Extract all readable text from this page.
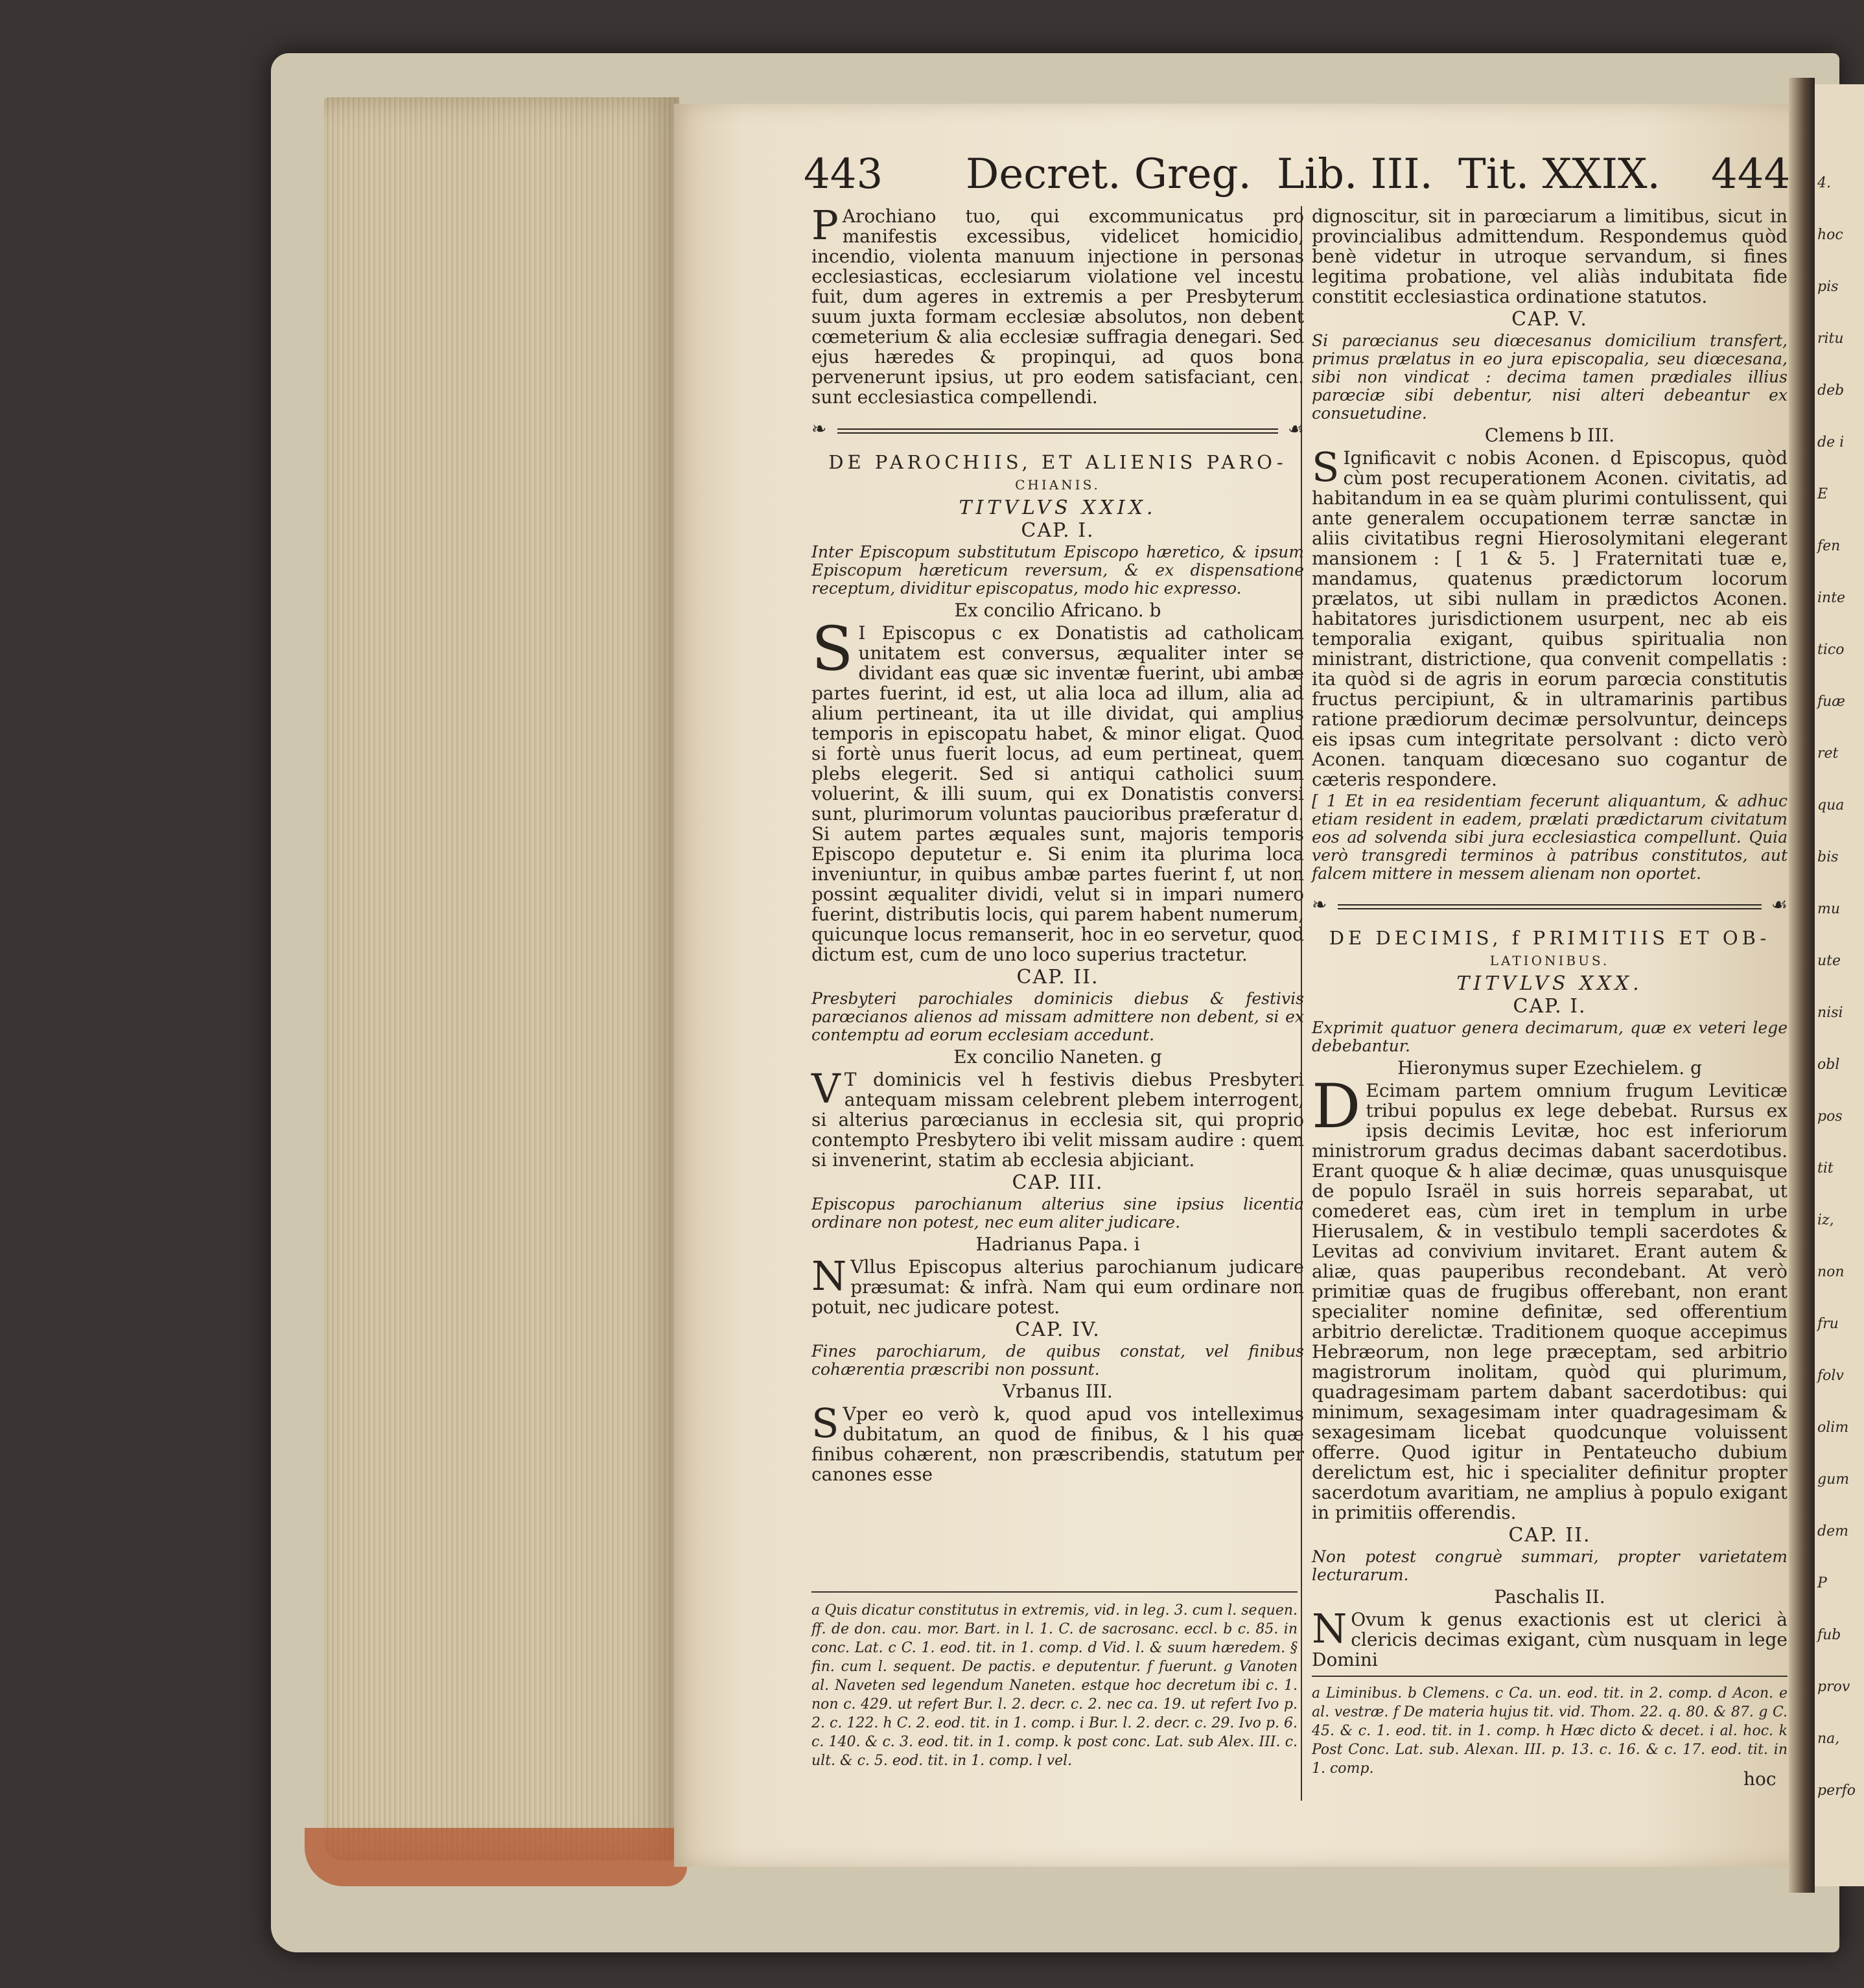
4.
hoc
pis
ritu
deb
de i
E
fen
inte
tico
fuæ
ret
qua
bis
mu
ute
nisi
obl
pos
tit
iz,
non
fru
folv
olim
gum
dem
P
fub
prov
na,
perfo
443 Decret. Greg. Lib. III. Tit. XXIX. 444

P Arochiano tuo, qui excommunicatus pro manifestis excessibus, videlicet homicidio, incendio, violenta manuum injectione in personas ecclesiasticas, ecclesiarum violatione vel incestu fuit, dum ageres in extremis a per Presbyterum suum juxta formam ecclesiæ absolutos, non debent cœmeterium & alia ecclesiæ suffragia denegari. Sed ejus hæredes & propinqui, ad quos bona pervenerunt ipsius, ut pro eodem satisfaciant, cen. sunt ecclesiastica compellendi.

❧	☙

DE PAROCHIIS, ET ALIENIS PARO-

CHIANIS.

TITVLVS XXIX.

CAP. I.

Inter Episcopum substitutum Episcopo hæretico, & ipsum Episcopum hæreticum reversum, & ex dispensatione receptum, dividitur episcopatus, modo hic expresso.

Ex concilio Africano. b

S I Episcopus c ex Donatistis ad catholicam unitatem est conversus, æqualiter inter se dividant eas quæ sic inventæ fuerint, ubi ambæ partes fuerint, id est, ut alia loca ad illum, alia ad alium pertineant, ita ut ille dividat, qui amplius temporis in episcopatu habet, & minor eligat. Quod si fortè unus fuerit locus, ad eum pertineat, quem plebs elegerit. Sed si antiqui catholici suum voluerint, & illi suum, qui ex Donatistis conversi sunt, plurimorum voluntas paucioribus præferatur d. Si autem partes æquales sunt, majoris temporis Episcopo deputetur e. Si enim ita plurima loca inveniuntur, in quibus ambæ partes fuerint f, ut non possint æqualiter dividi, velut si in impari numero fuerint, distributis locis, qui parem habent numerum, quicunque locus remanserit, hoc in eo servetur, quod dictum est, cum de uno loco superius tractetur.

CAP. II.

Presbyteri parochiales dominicis diebus & festivis parœcianos alienos ad missam admittere non debent, si ex contemptu ad eorum ecclesiam accedunt.

Ex concilio Naneten. g

V T dominicis vel h festivis diebus Presbyteri antequam missam celebrent plebem interrogent, si alterius parœcianus in ecclesia sit, qui proprio contempto Presbytero ibi velit missam audire : quem si invenerint, statim ab ecclesia abjiciant.

CAP. III.

Episcopus parochianum alterius sine ipsius licentia ordinare non potest, nec eum aliter judicare.

Hadrianus Papa. i

N Vllus Episcopus alterius parochianum judicare præsumat: & infrà. Nam qui eum ordinare non potuit, nec judicare potest.

CAP. IV.

Fines parochiarum, de quibus constat, vel finibus cohærentia præscribi non possunt.

Vrbanus III.

S Vper eo verò k, quod apud vos intelleximus dubitatum, an quod de finibus, & l his quæ finibus cohærent, non præscribendis, statutum per canones esse

a Quis dicatur constitutus in extremis, vid. in leg. 3. cum l. sequen. ff. de don. cau. mor. Bart. in l. 1. C. de sacrosanc. eccl. b c. 85. in conc. Lat. c C. 1. eod. tit. in 1. comp. d Vid. l. & suum hæredem. § fin. cum l. sequent. De pactis. e deputentur. f fuerunt. g Vanoten al. Naveten sed legendum Naneten. estque hoc decretum ibi c. 1. non c. 429. ut refert Bur. l. 2. decr. c. 2. nec ca. 19. ut refert Ivo p. 2. c. 122. h C. 2. eod. tit. in 1. comp. i Bur. l. 2. decr. c. 29. Ivo p. 6. c. 140. & c. 3. eod. tit. in 1. comp. k post conc. Lat. sub Alex. III. c. ult. & c. 5. eod. tit. in 1. comp. l vel.

dignoscitur, sit in parœciarum a limitibus, sicut in provincialibus admittendum. Respondemus quòd benè videtur in utroque servandum, si fines legitima probatione, vel aliàs indubitata fide constitit ecclesiastica ordinatione statutos.

CAP. V.

Si parœcianus seu diœcesanus domicilium transfert, primus prælatus in eo jura episcopalia, seu diœcesana, sibi non vindicat : decima tamen prædiales illius parœciæ sibi debentur, nisi alteri debeantur ex consuetudine.

Clemens b III.

S Ignificavit c nobis Aconen. d Episcopus, quòd cùm post recuperationem Aconen. civitatis, ad habitandum in ea se quàm plurimi contulissent, qui ante generalem occupationem terræ sanctæ in aliis civitatibus regni Hierosolymitani elegerant mansionem : [ 1 & 5. ] Fraternitati tuæ e, mandamus, quatenus prædictorum locorum prælatos, ut sibi nullam in prædictos Aconen. habitatores jurisdictionem usurpent, nec ab eis temporalia exigant, quibus spiritualia non ministrant, districtione, qua convenit compellatis : ita quòd si de agris in eorum parœcia constitutis fructus percipiunt, & in ultramarinis partibus ratione prædiorum decimæ persolvuntur, deinceps eis ipsas cum integritate persolvant : dicto verò Aconen. tanquam diœcesano suo cogantur de cæteris respondere.

[ 1 Et in ea residentiam fecerunt aliquantum, & adhuc etiam resident in eadem, prælati prædictarum civitatum eos ad solvenda sibi jura ecclesiastica compellunt. Quia verò transgredi terminos à patribus constitutos, aut falcem mittere in messem alienam non oportet.

❧	☙

DE DECIMIS, f PRIMITIIS ET OB-

LATIONIBUS.

TITVLVS XXX.

CAP. I.

Exprimit quatuor genera decimarum, quæ ex veteri lege debebantur.

Hieronymus super Ezechielem. g

D Ecimam partem omnium frugum Leviticæ tribui populus ex lege debebat. Rursus ex ipsis decimis Levitæ, hoc est inferiorum ministrorum gradus decimas dabant sacerdotibus. Erant quoque & h aliæ decimæ, quas unusquisque de populo Israël in suis horreis separabat, ut comederet eas, cùm iret in templum in urbe Hierusalem, & in vestibulo templi sacerdotes & Levitas ad convivium invitaret. Erant autem & aliæ, quas pauperibus recondebant. At verò primitiæ quas de frugibus offerebant, non erant specialiter nomine definitæ, sed offerentium arbitrio derelictæ. Traditionem quoque accepimus Hebræorum, non lege præceptam, sed arbitrio magistrorum inolitam, quòd qui plurimum, quadragesimam partem dabant sacerdotibus: qui minimum, sexagesimam inter quadragesimam & sexagesimam licebat quodcunque voluissent offerre. Quod igitur in Pentateucho dubium derelictum est, hic i specialiter definitur propter sacerdotum avaritiam, ne amplius à populo exigant in primitiis offerendis.

CAP. II.

Non potest congruè summari, propter varietatem lecturarum.

Paschalis II.

N Ovum k genus exactionis est ut clerici à clericis decimas exigant, cùm nusquam in lege Domini

a Liminibus. b Clemens. c Ca. un. eod. tit. in 2. comp. d Acon. e al. vestræ. f De materia hujus tit. vid. Thom. 22. q. 80. & 87. g C. 45. & c. 1. eod. tit. in 1. comp. h Hæc dicto & decet. i al. hoc. k Post Conc. Lat. sub. Alexan. III. p. 13. c. 16. & c. 17. eod. tit. in 1. comp.	hoc
